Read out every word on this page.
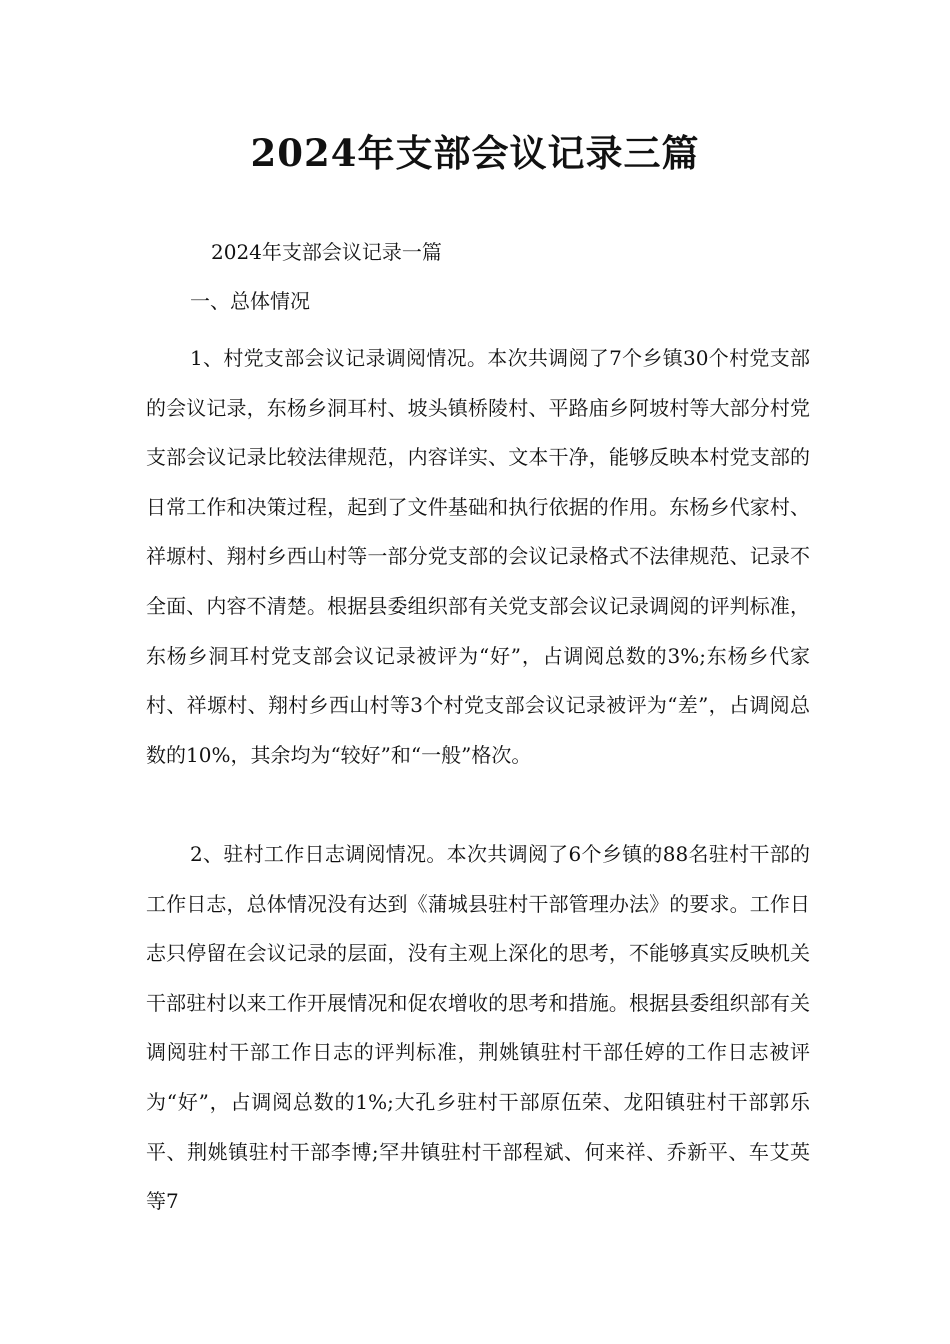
2024年支部会议记录三篇
2024年支部会议记录一篇
一、总体情况

1、村党支部会议记录调阅情况。本次共调阅了7个乡镇30个村党支部的会议记录，东杨乡洞耳村、坡头镇桥陵村、平路庙乡阿坡村等大部分村党支部会议记录比较法律规范，内容详实、文本干净，能够反映本村党支部的日常工作和决策过程，起到了文件基础和执行依据的作用。东杨乡代家村、祥塬村、翔村乡西山村等一部分党支部的会议记录格式不法律规范、记录不全面、内容不清楚。根据县委组织部有关党支部会议记录调阅的评判标准，东杨乡洞耳村党支部会议记录被评为“好”，占调阅总数的3%;东杨乡代家村、祥塬村、翔村乡西山村等3个村党支部会议记录被评为“差”，占调阅总数的10%，其余均为“较好”和“一般”格次。

2、驻村工作日志调阅情况。本次共调阅了6个乡镇的88名驻村干部的工作日志，总体情况没有达到《蒲城县驻村干部管理办法》的要求。工作日志只停留在会议记录的层面，没有主观上深化的思考，不能够真实反映机关干部驻村以来工作开展情况和促农增收的思考和措施。根据县委组织部有关调阅驻村干部工作日志的评判标准，荆姚镇驻村干部任婷的工作日志被评为“好”，占调阅总数的1%;大孔乡驻村干部原伍荣、龙阳镇驻村干部郭乐平、荆姚镇驻村干部李博;罕井镇驻村干部程斌、何来祥、乔新平、车艾英等7
